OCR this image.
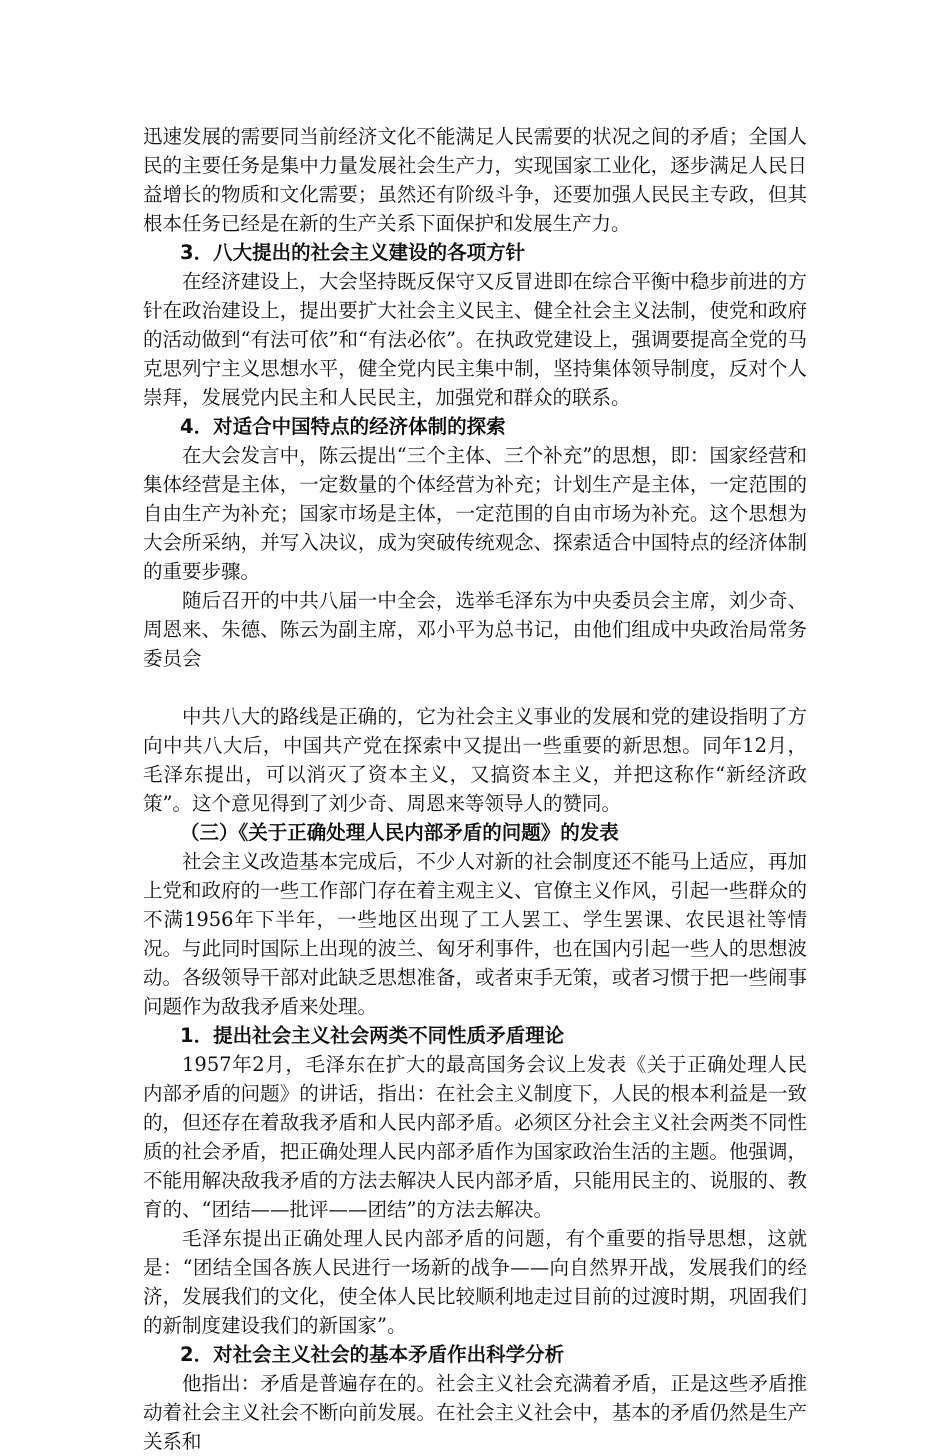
迅速发展的需要同当前经济文化不能满足人民需要的状况之间的矛盾；全国人民的主要任务是集中力量发展社会生产力，实现国家工业化，逐步满足人民日益增长的物质和文化需要；虽然还有阶级斗争，还要加强人民民主专政，但其根本任务已经是在新的生产关系下面保护和发展生产力。

3．八大提出的社会主义建设的各项方针

在经济建设上，大会坚持既反保守又反冒进即在综合平衡中稳步前进的方针在政治建设上，提出要扩大社会主义民主、健全社会主义法制，使党和政府的活动做到“有法可依”和“有法必依”。在执政党建设上，强调要提高全党的马克思列宁主义思想水平，健全党内民主集中制，坚持集体领导制度，反对个人崇拜，发展党内民主和人民民主，加强党和群众的联系。

4．对适合中国特点的经济体制的探索

在大会发言中，陈云提出“三个主体、三个补充”的思想，即：国家经营和集体经营是主体，一定数量的个体经营为补充；计划生产是主体，一定范围的自由生产为补充；国家市场是主体，一定范围的自由市场为补充。这个思想为大会所采纳，并写入决议，成为突破传统观念、探索适合中国特点的经济体制的重要步骤。

随后召开的中共八届一中全会，选举毛泽东为中央委员会主席，刘少奇、周恩来、朱德、陈云为副主席，邓小平为总书记，由他们组成中央政治局常务委员会

中共八大的路线是正确的，它为社会主义事业的发展和党的建设指明了方向中共八大后，中国共产党在探索中又提出一些重要的新思想。同年12月，毛泽东提出，可以消灭了资本主义，又搞资本主义，并把这称作“新经济政策”。这个意见得到了刘少奇、周恩来等领导人的赞同。

（三）《关于正确处理人民内部矛盾的问题》的发表

社会主义改造基本完成后，不少人对新的社会制度还不能马上适应，再加上党和政府的一些工作部门存在着主观主义、官僚主义作风，引起一些群众的不满1956年下半年，一些地区出现了工人罢工、学生罢课、农民退社等情况。与此同时国际上出现的波兰、匈牙利事件，也在国内引起一些人的思想波动。各级领导干部对此缺乏思想准备，或者束手无策，或者习惯于把一些闹事问题作为敌我矛盾来处理。

1．提出社会主义社会两类不同性质矛盾理论

1957年2月，毛泽东在扩大的最高国务会议上发表《关于正确处理人民内部矛盾的问题》的讲话，指出：在社会主义制度下，人民的根本利益是一致的，但还存在着敌我矛盾和人民内部矛盾。必须区分社会主义社会两类不同性质的社会矛盾，把正确处理人民内部矛盾作为国家政治生活的主题。他强调，不能用解决敌我矛盾的方法去解决人民内部矛盾，只能用民主的、说服的、教育的、“团结——批评——团结”的方法去解决。

毛泽东提出正确处理人民内部矛盾的问题，有个重要的指导思想，这就是：“团结全国各族人民进行一场新的战争——向自然界开战，发展我们的经济，发展我们的文化，使全体人民比较顺利地走过目前的过渡时期，巩固我们的新制度建设我们的新国家”。

2．对社会主义社会的基本矛盾作出科学分析

他指出：矛盾是普遍存在的。社会主义社会充满着矛盾，正是这些矛盾推动着社会主义社会不断向前发展。在社会主义社会中，基本的矛盾仍然是生产关系和
